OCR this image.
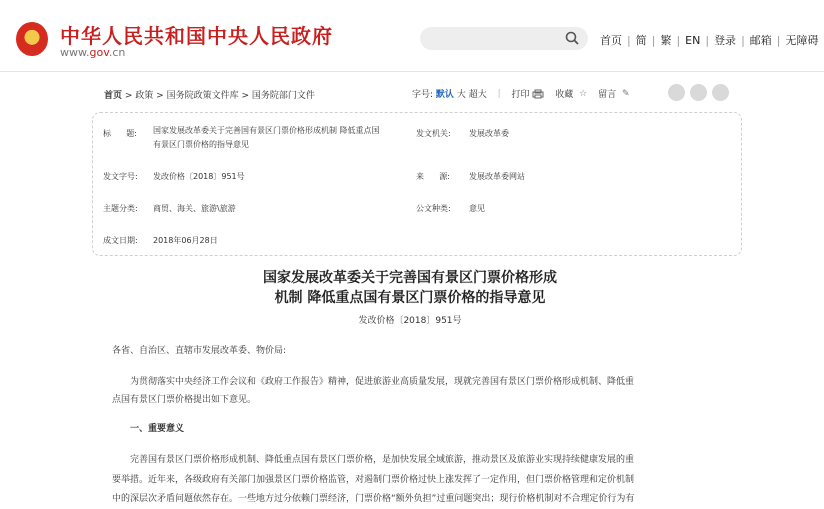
中华人民共和国中央人民政府
www.gov.cn
首页 | 简 | 繁 | EN | 登录 | 邮箱 | 无障碍
首页 > 政策 > 国务院政策文件库 > 国务院部门文件	字号: 默认 大 超大 | 打印	收藏 ☆ 留言 ✎
标      题: 国家发展改革委关于完善国有景区门票价格形成机制 降低重点国
有景区门票价格的指导意见
发文机关: 发展改革委
发文字号: 发改价格〔2018〕951号	来      源: 发展改革委网站
主题分类: 商贸、海关、旅游\旅游	公文种类: 意见
成文日期: 2018年06月28日
国家发展改革委关于完善国有景区门票价格形成
机制 降低重点国有景区门票价格的指导意见
发改价格〔2018〕951号
各省、自治区、直辖市发展改革委、物价局:
　　为贯彻落实中央经济工作会议和《政府工作报告》精神，促进旅游业高质量发展，现就完善国有景区门票价格形成机制、降低重
点国有景区门票价格提出如下意见。
　　一、重要意义
　　完善国有景区门票价格形成机制、降低重点国有景区门票价格，是加快发展全域旅游，推动景区及旅游业实现持续健康发展的重
要举措。近年来，各级政府有关部门加强景区门票价格监管，对遏制门票价格过快上涨发挥了一定作用，但门票价格管理和定价机制
中的深层次矛盾问题依然存在。一些地方过分依赖门票经济，门票价格“额外负担”过重问题突出；现行价格机制对不合理定价行为有
